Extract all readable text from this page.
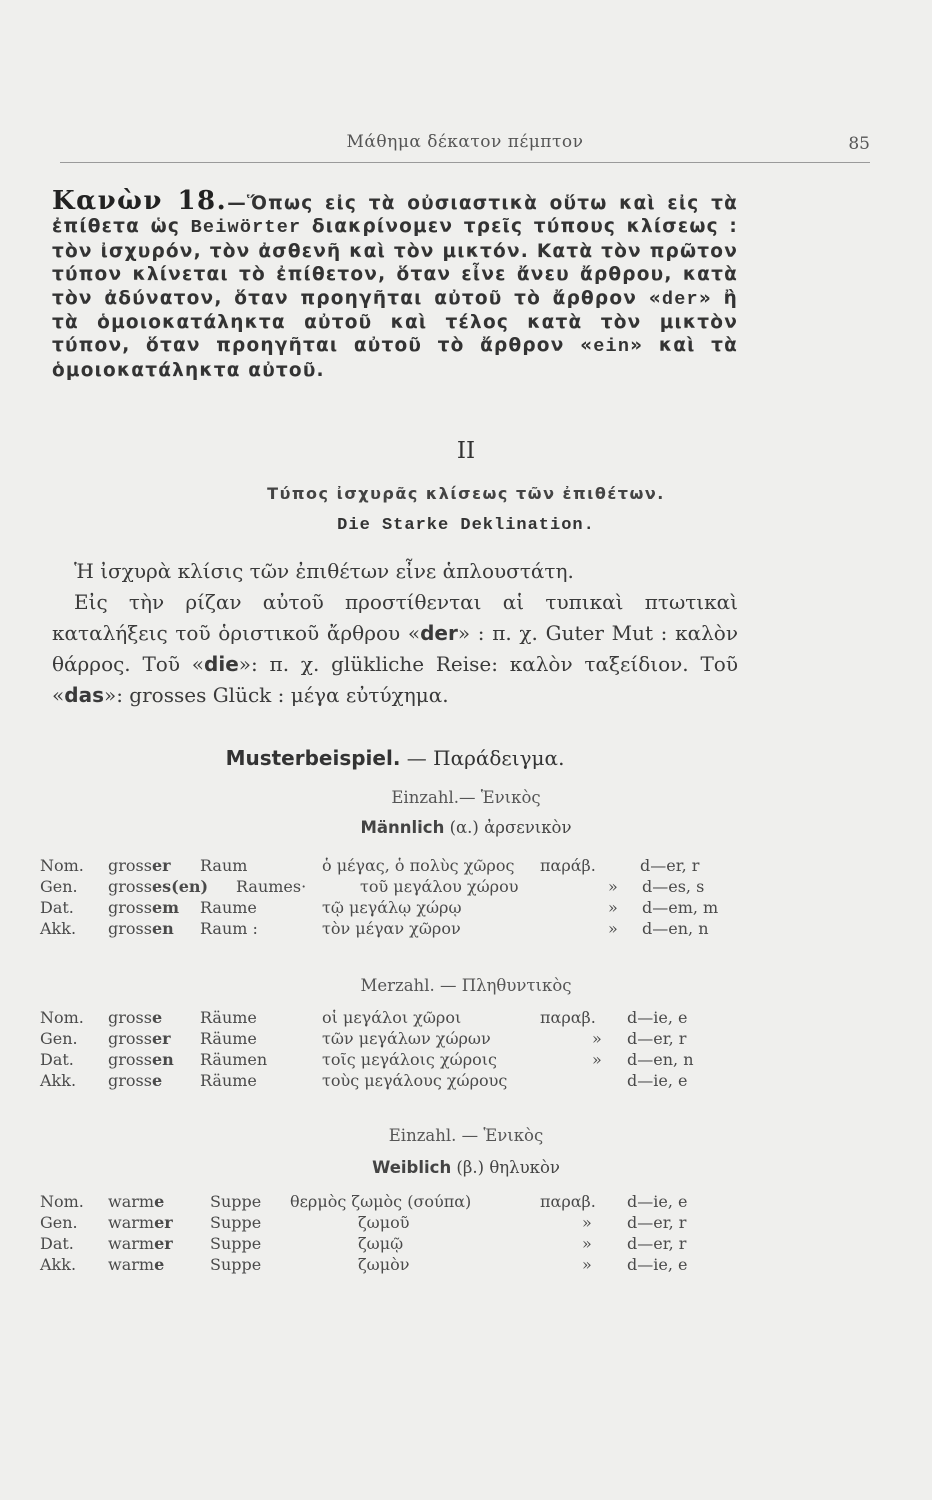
Μάθημα δέκατον πέμπτον	85
Κανὼν 18.—Ὅπως εἰς τὰ οὐσιαστικὰ οὕτω καὶ εἰς τὰ ἐπίθετα ὡς Beiwörter διακρίνομεν τρεῖς τύπους κλίσεως : τὸν ἰσχυρόν, τὸν ἀσθενῆ καὶ τὸν μικτόν. Κατὰ τὸν πρῶτον τύπον κλίνεται τὸ ἐπίθετον, ὅταν εἶνε ἄνευ ἄρθρου, κατὰ τὸν ἀδύνατον, ὅταν προηγῆται αὐτοῦ τὸ ἄρθρον «der» ἢ τὰ ὁμοιοκατάληκτα αὐτοῦ καὶ τέλος κατὰ τὸν μικτὸν τύπον, ὅταν προηγῆται αὐτοῦ τὸ ἄρθρον «ein» καὶ τὰ ὁμοιοκατάληκτα αὐτοῦ.
II
Τύπος ἰσχυρᾶς κλίσεως τῶν ἐπιθέτων.
Die Starke Deklination.

Ἡ ἰσχυρὰ κλίσις τῶν ἐπιθέτων εἶνε ἁπλουστάτη.

Εἰς τὴν ρίζαν αὐτοῦ προστίθενται αἱ τυπικαὶ πτωτικαὶ καταλήξεις τοῦ ὁριστικοῦ ἄρθρου «der» : π. χ. Guter Mut : καλὸν θάρρος. Τοῦ «die»: π. χ. glükliche Reise: καλὸν ταξείδιον. Τοῦ «das»: grosses Glück : μέγα εὐτύχημα.

Musterbeispiel. — Παράδειγμα.
Einzahl.— Ἑνικὸς
Männlich (α.) ἀρσενικὸν
Nom. grosser Raum	ὁ μέγας, ὁ πολὺς χῶρος παράβ.	d—er, r
Gen. grosses(en) Raumes·	τοῦ μεγάλου χώρου	» d—es, s
Dat. grossem Raume	τῷ μεγάλῳ χώρῳ	» d—em, m
Akk. grossen Raum :	τὸν μέγαν χῶρον	» d—en, n
Merzahl. — Πληθυντικὸς
Nom. grosse Räume	οἱ μεγάλοι χῶροι	παραβ. d—ie, e
Gen. grosser Räume	τῶν μεγάλων χώρων	» d—er, r
Dat. grossen Räumen	τοῖς μεγάλοις χώροις	» d—en, n
Akk. grosse Räume	τοὺς μεγάλους χώρους	d—ie, e
Einzahl. — Ἑνικὸς
Weiblich (β.) θηλυκὸν
Nom. warme	Suppe θερμὸς ζωμὸς (σούπα)	παραβ. d—ie, e
Gen. warmer Suppe	ζωμοῦ	» d—er, r
Dat. warmer Suppe	ζωμῷ	» d—er, r
Akk. warme	Suppe	ζωμὸν	» d—ie, e
